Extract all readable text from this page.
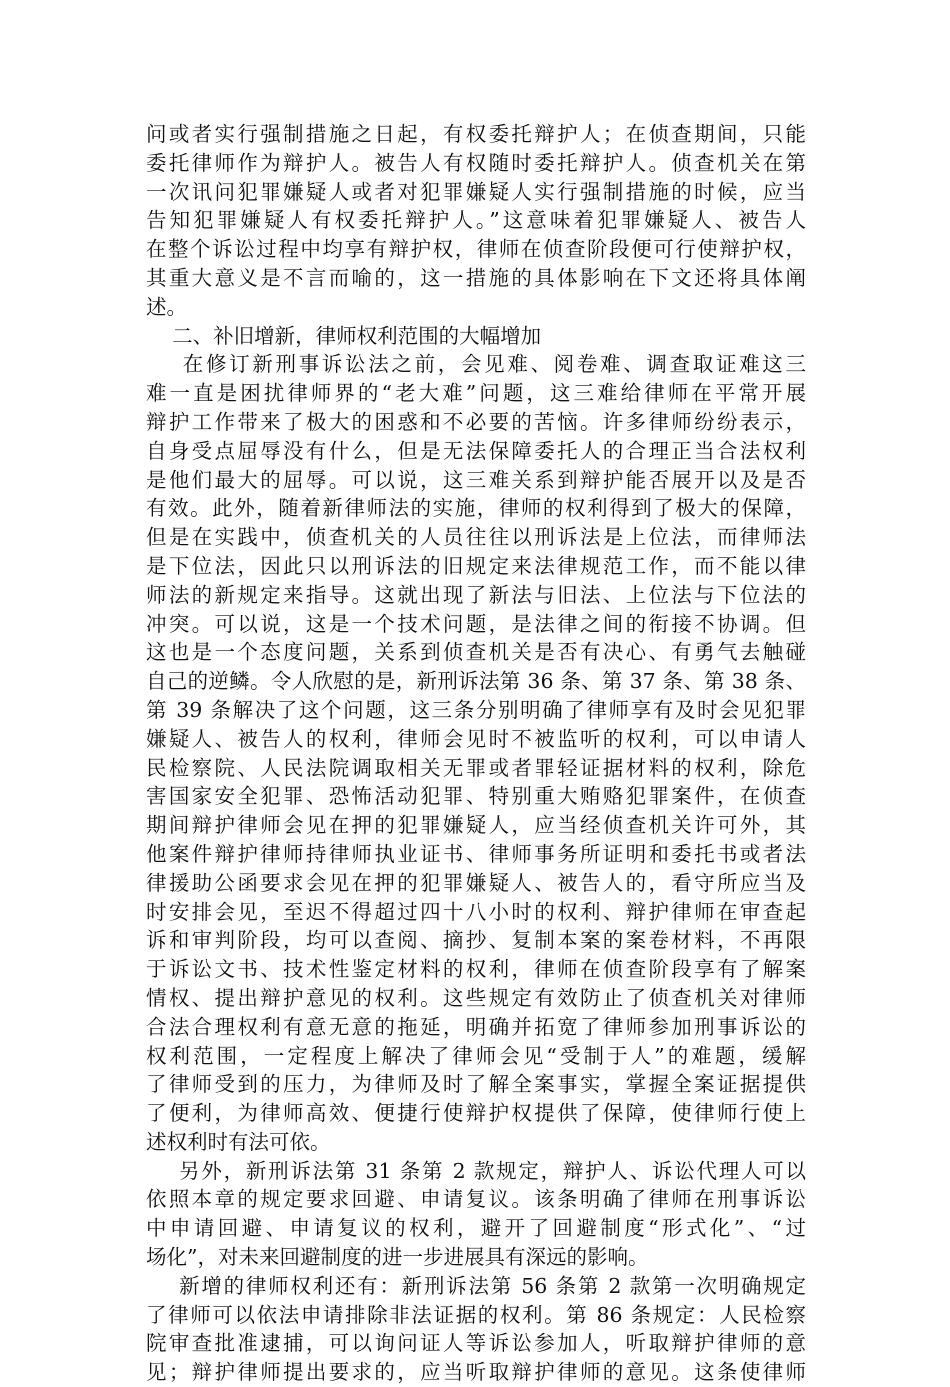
问或者实行强制措施之日起，有权委托辩护人；在侦查期间，只能
委托律师作为辩护人。被告人有权随时委托辩护人。侦查机关在第
一次讯问犯罪嫌疑人或者对犯罪嫌疑人实行强制措施的时候，应当
告知犯罪嫌疑人有权委托辩护人。”这意味着犯罪嫌疑人、被告人
在整个诉讼过程中均享有辩护权，律师在侦查阶段便可行使辩护权，
其重大意义是不言而喻的，这一措施的具体影响在下文还将具体阐
述。
二、补旧增新，律师权利范围的大幅增加
在修订新刑事诉讼法之前，会见难、阅卷难、调查取证难这三
难一直是困扰律师界的“老大难”问题，这三难给律师在平常开展
辩护工作带来了极大的困惑和不必要的苦恼。许多律师纷纷表示，
自身受点屈辱没有什么，但是无法保障委托人的合理正当合法权利
是他们最大的屈辱。可以说，这三难关系到辩护能否展开以及是否
有效。此外，随着新律师法的实施，律师的权利得到了极大的保障，
但是在实践中，侦查机关的人员往往以刑诉法是上位法，而律师法
是下位法，因此只以刑诉法的旧规定来法律规范工作，而不能以律
师法的新规定来指导。这就出现了新法与旧法、上位法与下位法的
冲突。可以说，这是一个技术问题，是法律之间的衔接不协调。但
这也是一个态度问题，关系到侦查机关是否有决心、有勇气去触碰
自己的逆鳞。令人欣慰的是，新刑诉法第 36 条、第 37 条、第 38 条、
第 39 条解决了这个问题，这三条分别明确了律师享有及时会见犯罪
嫌疑人、被告人的权利，律师会见时不被监听的权利，可以申请人
民检察院、人民法院调取相关无罪或者罪轻证据材料的权利，除危
害国家安全犯罪、恐怖活动犯罪、特别重大贿赂犯罪案件，在侦查
期间辩护律师会见在押的犯罪嫌疑人，应当经侦查机关许可外，其
他案件辩护律师持律师执业证书、律师事务所证明和委托书或者法
律援助公函要求会见在押的犯罪嫌疑人、被告人的，看守所应当及
时安排会见，至迟不得超过四十八小时的权利、辩护律师在审查起
诉和审判阶段，均可以查阅、摘抄、复制本案的案卷材料，不再限
于诉讼文书、技术性鉴定材料的权利，律师在侦查阶段享有了解案
情权、提出辩护意见的权利。这些规定有效防止了侦查机关对律师
合法合理权利有意无意的拖延，明确并拓宽了律师参加刑事诉讼的
权利范围，一定程度上解决了律师会见“受制于人”的难题，缓解
了律师受到的压力，为律师及时了解全案事实，掌握全案证据提供
了便利，为律师高效、便捷行使辩护权提供了保障，使律师行使上
述权利时有法可依。
另外，新刑诉法第 31 条第 2 款规定，辩护人、诉讼代理人可以
依照本章的规定要求回避、申请复议。该条明确了律师在刑事诉讼
中申请回避、申请复议的权利，避开了回避制度“形式化”、“过
场化”，对未来回避制度的进一步进展具有深远的影响。
新增的律师权利还有：新刑诉法第 56 条第 2 款第一次明确规定
了律师可以依法申请排除非法证据的权利。第 86 条规定：人民检察
院审查批准逮捕，可以询问证人等诉讼参加人，听取辩护律师的意
见；辩护律师提出要求的，应当听取辩护律师的意见。这条使律师
